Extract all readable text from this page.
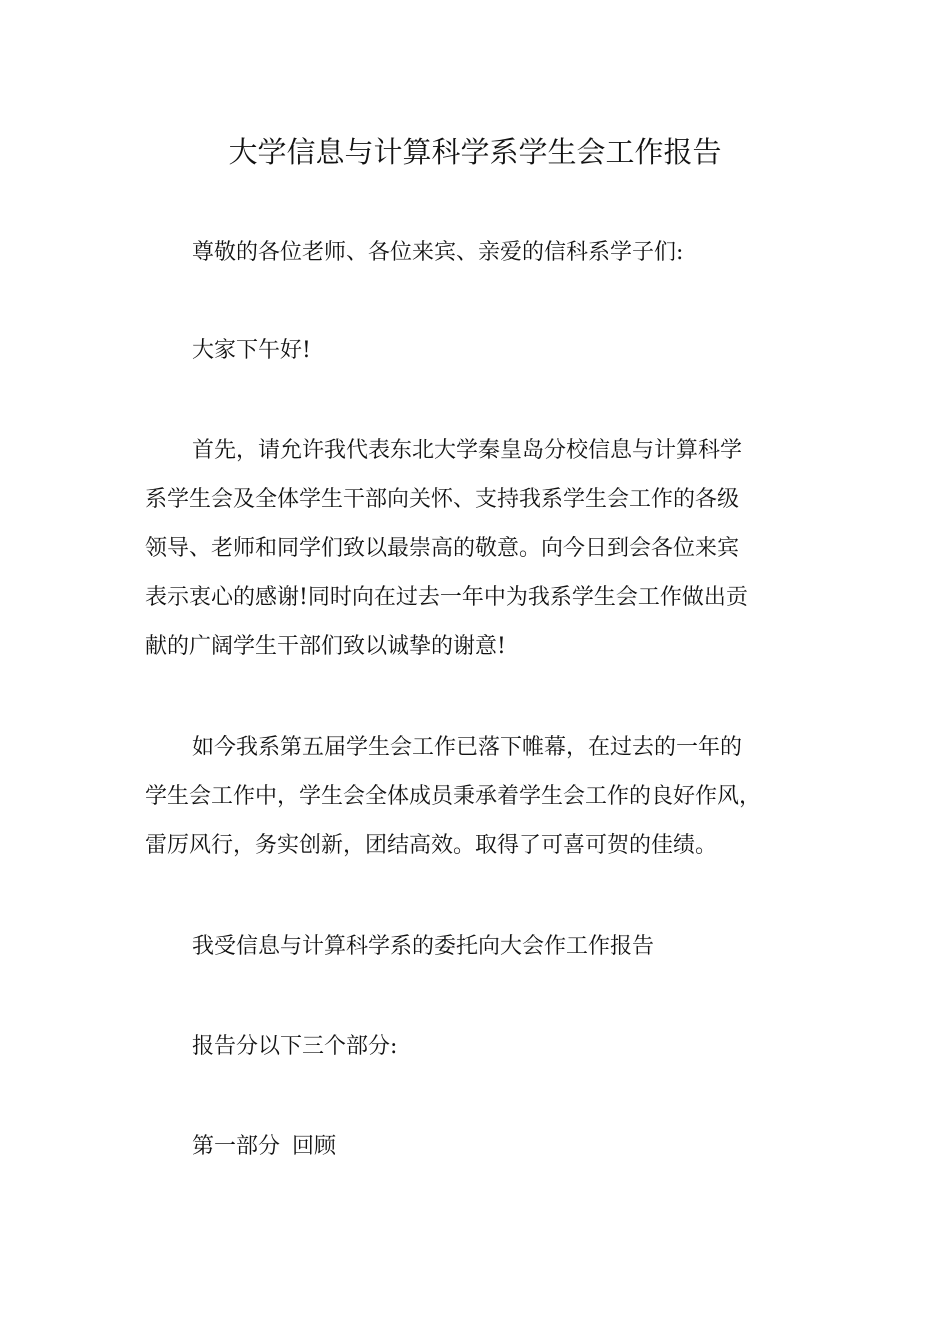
大学信息与计算科学系学生会工作报告

尊敬的各位老师、各位来宾、亲爱的信科系学子们:

大家下午好!

首先，请允许我代表东北大学秦皇岛分校信息与计算科学
系学生会及全体学生干部向关怀、支持我系学生会工作的各级
领导、老师和同学们致以最崇高的敬意。向今日到会各位来宾
表示衷心的感谢!同时向在过去一年中为我系学生会工作做出贡
献的广阔学生干部们致以诚挚的谢意!

如今我系第五届学生会工作已落下帷幕，在过去的一年的
学生会工作中，学生会全体成员秉承着学生会工作的良好作风，
雷厉风行，务实创新，团结高效。取得了可喜可贺的佳绩。

我受信息与计算科学系的委托向大会作工作报告

报告分以下三个部分:

第一部分 回顾
